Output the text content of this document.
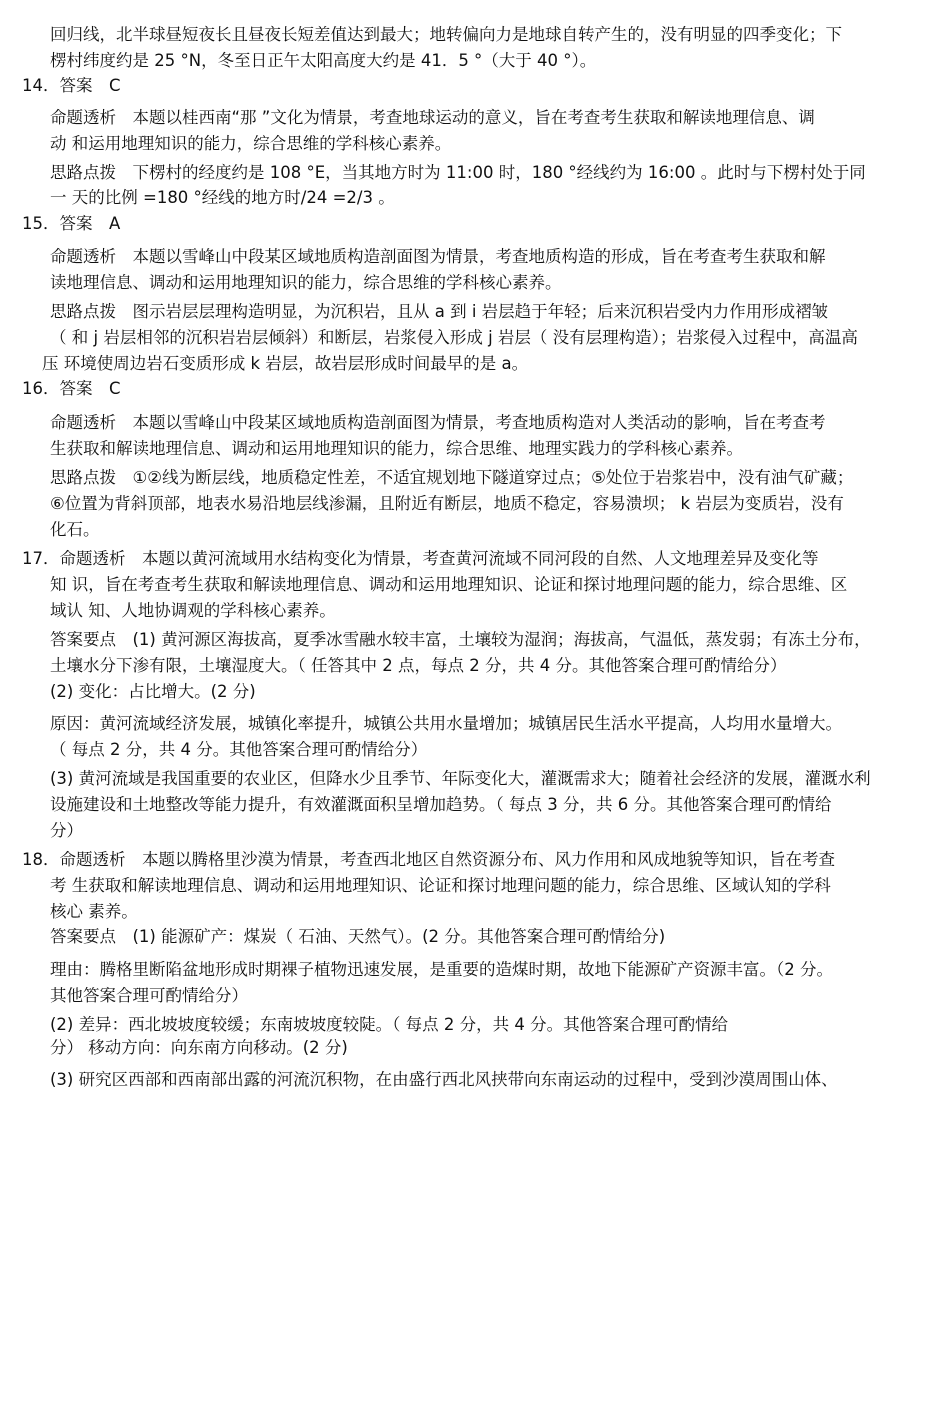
回归线，北半球昼短夜长且昼夜长短差值达到最大；地转偏向力是地球自转产生的，没有明显的四季变化；下
楞村纬度约是 25 °N，冬至日正午太阳高度大约是 41．5 °（大于 40 °）。
14．答案　C
命题透析　本题以桂西南“那 ”文化为情景，考查地球运动的意义，旨在考查考生获取和解读地理信息、调
动 和运用地理知识的能力，综合思维的学科核心素养。
思路点拨　下楞村的经度约是 108 °E，当其地方时为 11:00 时，180 °经线约为 16:00 。此时与下楞村处于同
一 天的比例 =180 °经线的地方时/24 =2/3 。
15．答案　A
命题透析　本题以雪峰山中段某区域地质构造剖面图为情景，考查地质构造的形成，旨在考查考生获取和解
读地理信息、调动和运用地理知识的能力，综合思维的学科核心素养。
思路点拨　图示岩层层理构造明显，为沉积岩，且从 a 到 i 岩层趋于年轻；后来沉积岩受内力作用形成褶皱
（ 和 j 岩层相邻的沉积岩岩层倾斜）和断层，岩浆侵入形成 j 岩层（ 没有层理构造）；岩浆侵入过程中，高温高
压 环境使周边岩石变质形成 k 岩层，故岩层形成时间最早的是 a。
16．答案　C
命题透析　本题以雪峰山中段某区域地质构造剖面图为情景，考查地质构造对人类活动的影响，旨在考查考
生获取和解读地理信息、调动和运用地理知识的能力，综合思维、地理实践力的学科核心素养。
思路点拨　①②线为断层线，地质稳定性差，不适宜规划地下隧道穿过点；⑤处位于岩浆岩中，没有油气矿藏；
⑥位置为背斜顶部，地表水易沿地层线渗漏，且附近有断层，地质不稳定，容易溃坝； k 岩层为变质岩，没有
化石。
17．命题透析　本题以黄河流域用水结构变化为情景，考查黄河流域不同河段的自然、人文地理差异及变化等
知 识，旨在考查考生获取和解读地理信息、调动和运用地理知识、论证和探讨地理问题的能力，综合思维、区
域认 知、人地协调观的学科核心素养。
答案要点　(1) 黄河源区海拔高，夏季冰雪融水较丰富，土壤较为湿润；海拔高，气温低，蒸发弱；有冻土分布，
土壤水分下渗有限，土壤湿度大。（ 任答其中 2 点，每点 2 分，共 4 分。其他答案合理可酌情给分）
(2) 变化：占比增大。(2 分)
原因：黄河流域经济发展，城镇化率提升，城镇公共用水量增加；城镇居民生活水平提高，人均用水量增大。
（ 每点 2 分，共 4 分。其他答案合理可酌情给分）
(3) 黄河流域是我国重要的农业区，但降水少且季节、年际变化大，灌溉需求大；随着社会经济的发展，灌溉水利
设施建设和土地整改等能力提升，有效灌溉面积呈增加趋势。（ 每点 3 分，共 6 分。其他答案合理可酌情给
分）
18．命题透析　本题以腾格里沙漠为情景，考查西北地区自然资源分布、风力作用和风成地貌等知识，旨在考查
考 生获取和解读地理信息、调动和运用地理知识、论证和探讨地理问题的能力，综合思维、区域认知的学科
核心 素养。
答案要点　(1) 能源矿产：煤炭（ 石油、天然气）。(2 分。其他答案合理可酌情给分)
理由：腾格里断陷盆地形成时期裸子植物迅速发展，是重要的造煤时期，故地下能源矿产资源丰富。（2 分。
其他答案合理可酌情给分）
(2) 差异：西北坡坡度较缓；东南坡坡度较陡。（ 每点 2 分，共 4 分。其他答案合理可酌情给
分） 移动方向：向东南方向移动。(2 分)
(3) 研究区西部和西南部出露的河流沉积物，在由盛行西北风挟带向东南运动的过程中，受到沙漠周围山体、
